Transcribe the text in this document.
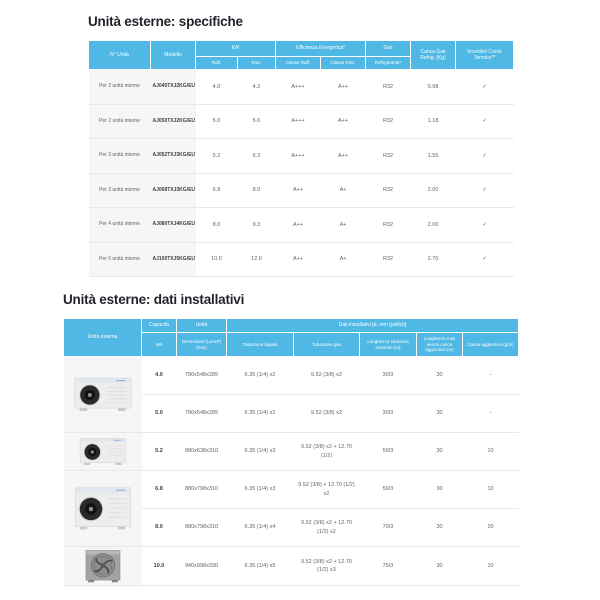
Unità esterne: specifiche
N° Unità	Modello	kW		Efficienza Energetica*		Gas	Carica Gas Refrig. (Kg)	Incentivi/ Conto Termico**
		Raff.	Risc.	Classe Raff.	Classe Risc.	Refrigerante*		
Per 2 unità interne	AJ040TXJ2KG/EU	4.0	4.2	A+++	A++	R32	0.98	✓
Per 2 unità interne	AJ050TXJ2KG/EU	5.0	5.6	A+++	A++	R32	1.18	✓
Per 3 unità interne	AJ052TXJ3KG/EU	5.2	6.3	A+++	A++	R32	1.55	✓
Per 3 unità interne	AJ068TXJ3KG/EU	6.8	8.0	A++	A+	R32	2.00	✓
Per 4 unità interne	AJ080TXJ4KG/EU	8.0	9.3	A++	A+	R32	2.00	✓
Per 5 unità interne	AJ100TXJ5KG/EU	10.0	12.0	A++	A+	R32	2.70	✓
Unità esterne: dati installativi
Unità esterna	Capacità	Unità	Dati installativi [ø, mm (pollici)]				
	kW	Dimensioni (LxAxP) (mm)	Tubazione liquido	Tubazione gas	Lunghezza tubazioni max/min (m)	Lunghezza max senza carica aggiuntiva (m)	Carica aggiuntiva (g/m)

	4.0	790x548x285	6.35 (1/4) x2	9.52 (3/8) x2	30/3	30	-
	5.0	790x548x285	6.35 (1/4) x2	9.52 (3/8) x2	30/3	30	-

	5.2	880x638x310	6.35 (1/4) x3	9.52 (3/8) x2 + 12.70 (1/2)	50/3	30	10

	6.8	880x798x310	6.35 (1/4) x3	9.52 (3/8) + 12.70 (1/2) x2	50/3	30	10
	8.0	880x798x310	6.35 (1/4) x4	9.52 (3/8) x2 + 12.70 (1/2) x2	70/3	30	20

	10.0	940x998x330	6.35 (1/4) x5	9.52 (3/8) x2 + 12.70 (1/2) x3	75/3	30	10
